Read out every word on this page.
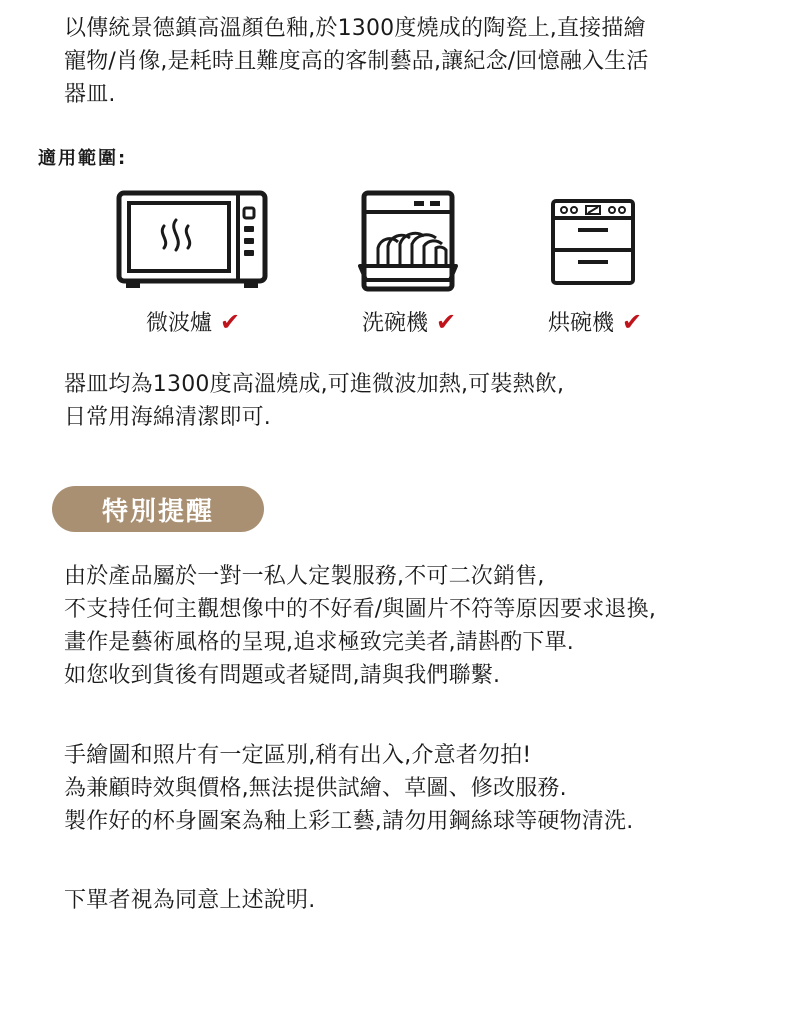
以傳統景德鎮高溫顏色釉,於1300度燒成的陶瓷上,直接描繪
寵物/肖像,是耗時且難度高的客制藝品,讓紀念/回憶融入生活
器皿.
適用範圍:
微波爐 ✔	洗碗機 ✔	烘碗機 ✔
器皿均為1300度高溫燒成,可進微波加熱,可裝熱飲,
日常用海綿清潔即可.
特別提醒
由於產品屬於一對一私人定製服務,不可二次銷售,
不支持任何主觀想像中的不好看/與圖片不符等原因要求退換,
畫作是藝術風格的呈現,追求極致完美者,請斟酌下單.
如您收到貨後有問題或者疑問,請與我們聯繫.
手繪圖和照片有一定區別,稍有出入,介意者勿拍!
為兼顧時效與價格,無法提供試繪、草圖、修改服務.
製作好的杯身圖案為釉上彩工藝,請勿用鋼絲球等硬物清洗.
下單者視為同意上述說明.
